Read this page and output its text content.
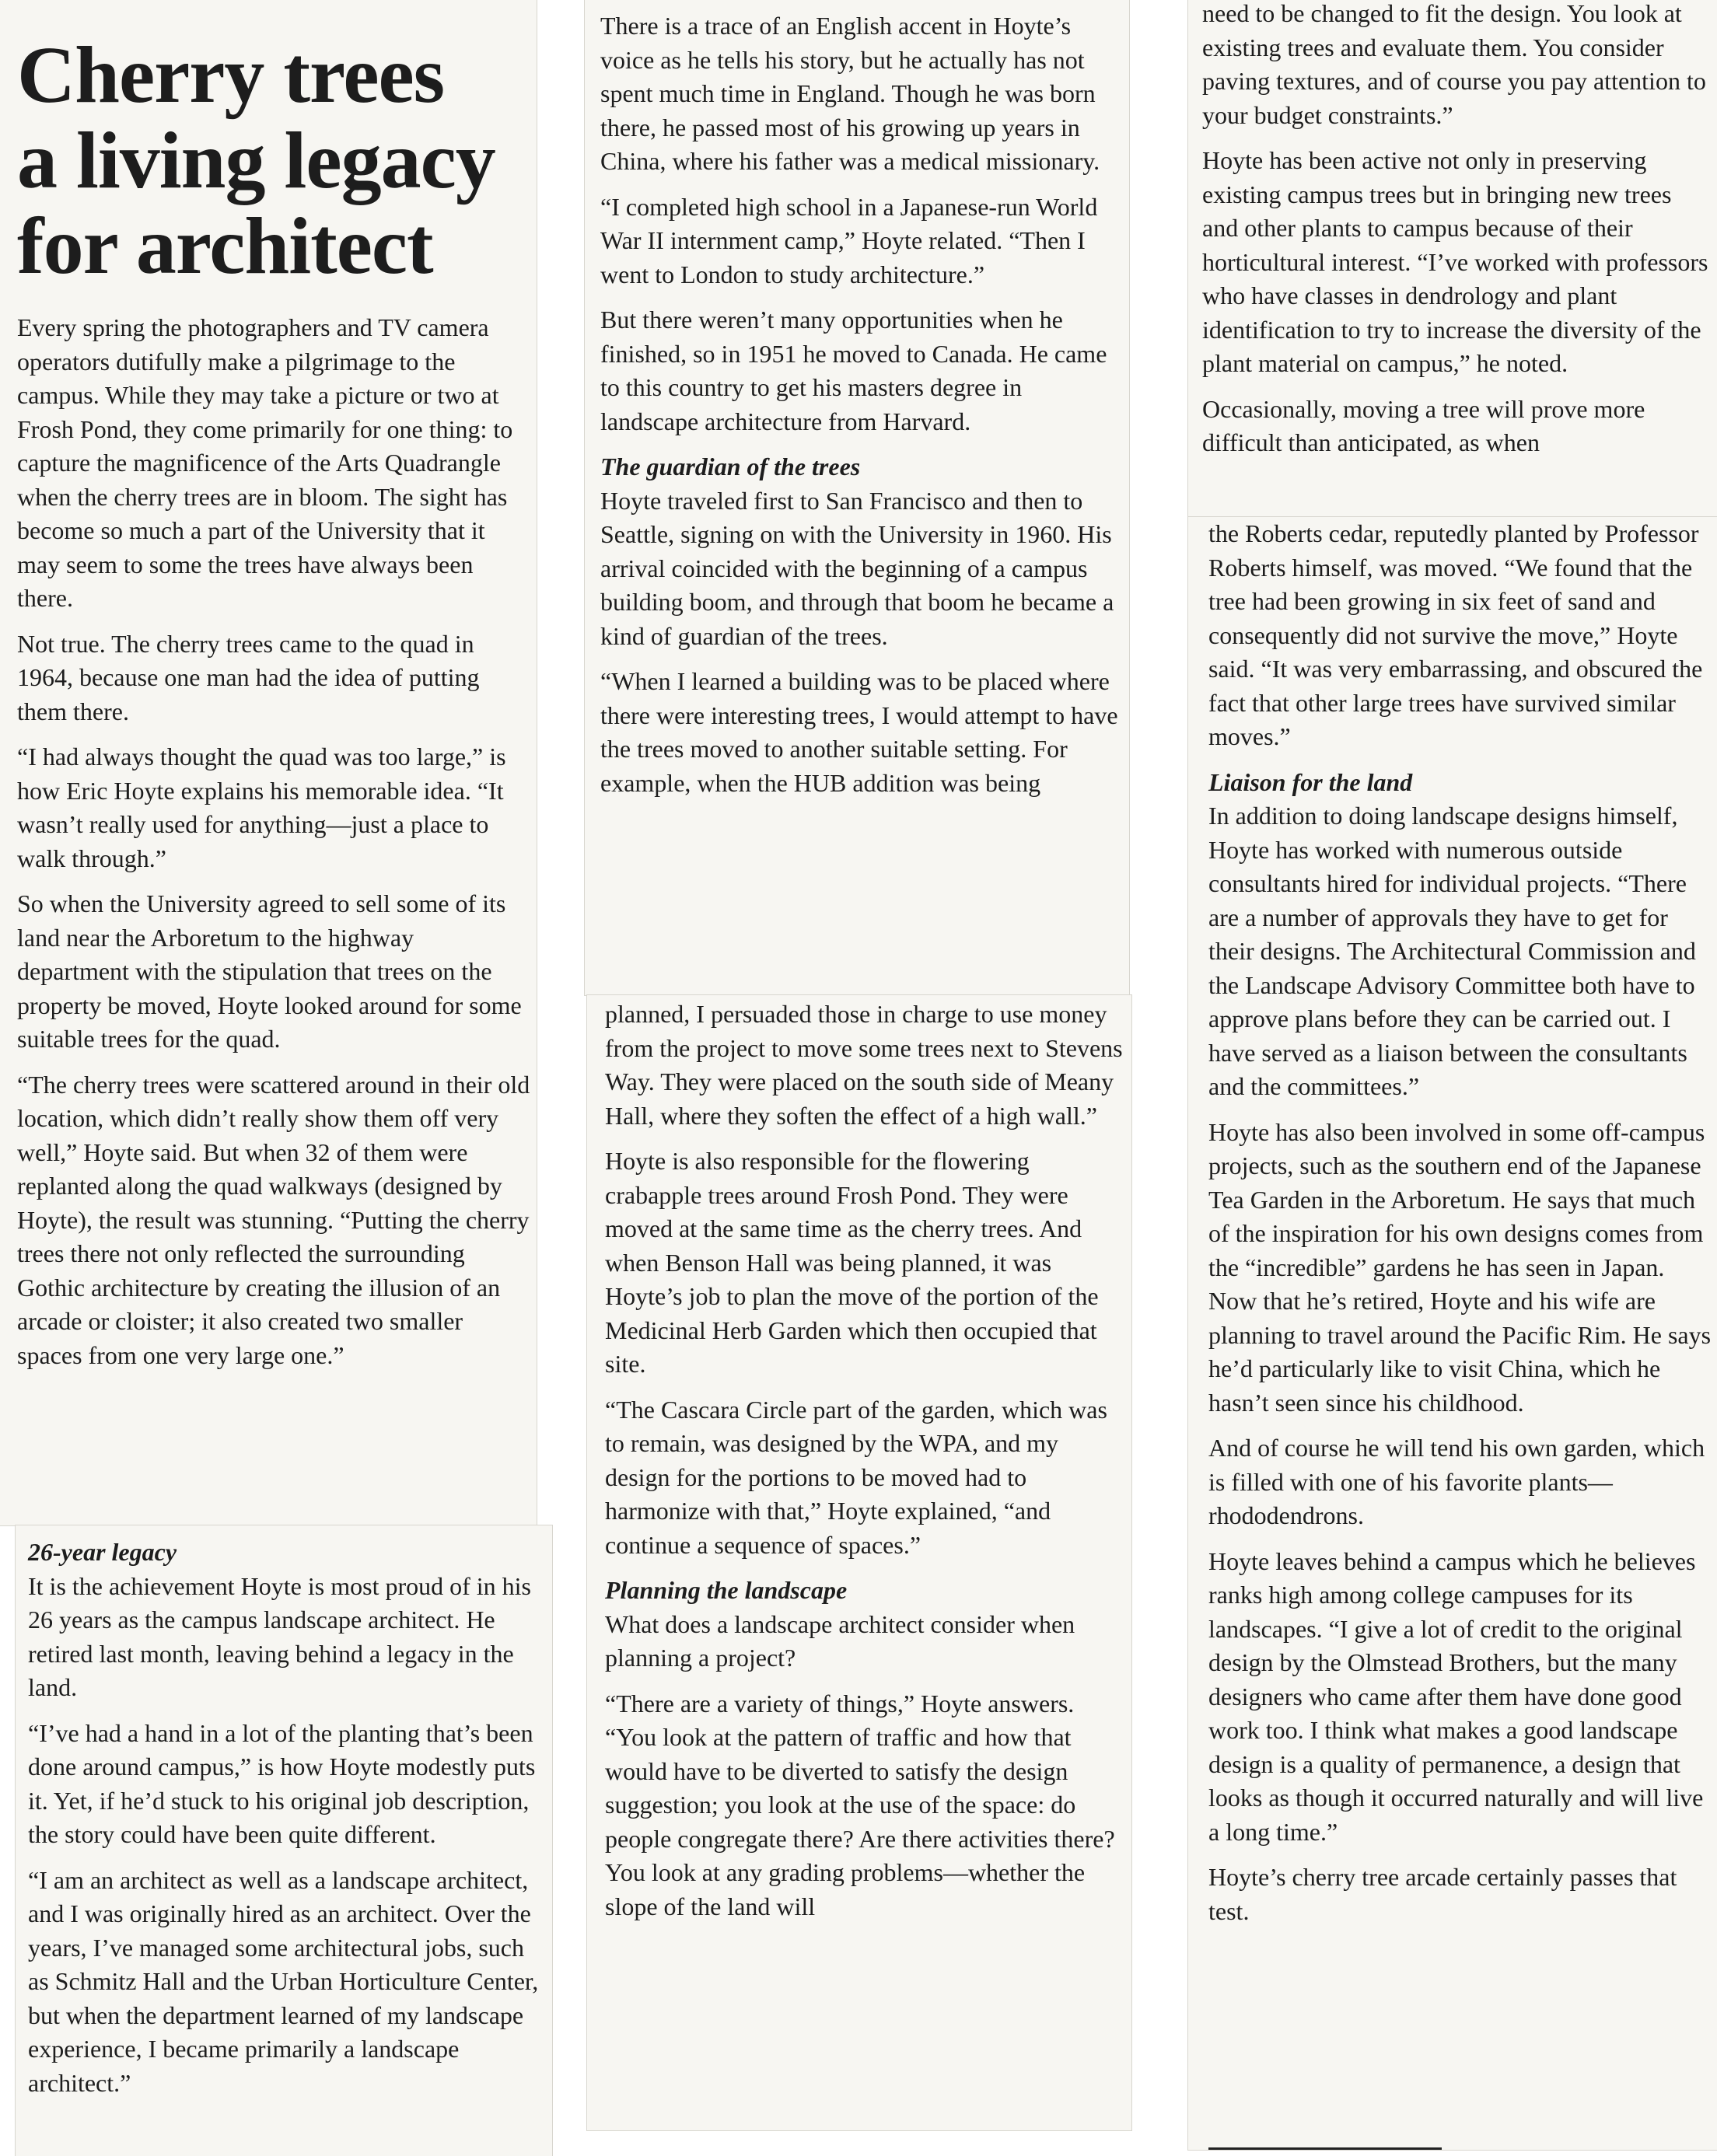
Cherry trees
a living legacy
for architect

Every spring the photographers and TV camera operators dutifully make a pilgrimage to the campus. While they may take a picture or two at Frosh Pond, they come primarily for one thing: to capture the magnificence of the Arts Quadrangle when the cherry trees are in bloom. The sight has become so much a part of the University that it may seem to some the trees have always been there.

Not true. The cherry trees came to the quad in 1964, because one man had the idea of putting them there.

“I had always thought the quad was too large,” is how Eric Hoyte explains his memorable idea. “It wasn’t really used for anything—just a place to walk through.”

So when the University agreed to sell some of its land near the Arboretum to the highway department with the stipulation that trees on the property be moved, Hoyte looked around for some suitable trees for the quad.

“The cherry trees were scattered around in their old location, which didn’t really show them off very well,” Hoyte said. But when 32 of them were replanted along the quad walkways (designed by Hoyte), the result was stunning. “Putting the cherry trees there not only reflected the surrounding Gothic architecture by creating the illusion of an arcade or cloister; it also created two smaller spaces from one very large one.”

26-year legacy

It is the achievement Hoyte is most proud of in his 26 years as the campus landscape architect. He retired last month, leaving behind a legacy in the land.

“I’ve had a hand in a lot of the planting that’s been done around campus,” is how Hoyte modestly puts it. Yet, if he’d stuck to his original job description, the story could have been quite different.

“I am an architect as well as a landscape architect, and I was originally hired as an architect. Over the years, I’ve managed some architectural jobs, such as Schmitz Hall and the Urban Horticulture Center, but when the department learned of my landscape experience, I became primarily a landscape architect.”

There is a trace of an English accent in Hoyte’s voice as he tells his story, but he actually has not spent much time in England. Though he was born there, he passed most of his growing up years in China, where his father was a medical missionary.

“I completed high school in a Japanese-run World War II internment camp,” Hoyte related. “Then I went to London to study architecture.”

But there weren’t many opportunities when he finished, so in 1951 he moved to Canada. He came to this country to get his masters degree in landscape architecture from Harvard.

The guardian of the trees

Hoyte traveled first to San Francisco and then to Seattle, signing on with the University in 1960. His arrival coincided with the beginning of a campus building boom, and through that boom he became a kind of guardian of the trees.

“When I learned a building was to be placed where there were interesting trees, I would attempt to have the trees moved to another suitable setting. For example, when the HUB addition was being

planned, I persuaded those in charge to use money from the project to move some trees next to Stevens Way. They were placed on the south side of Meany Hall, where they soften the effect of a high wall.”

Hoyte is also responsible for the flowering crabapple trees around Frosh Pond. They were moved at the same time as the cherry trees. And when Benson Hall was being planned, it was Hoyte’s job to plan the move of the portion of the Medicinal Herb Garden which then occupied that site.

“The Cascara Circle part of the garden, which was to remain, was designed by the WPA, and my design for the portions to be moved had to harmonize with that,” Hoyte explained, “and continue a sequence of spaces.”

Planning the landscape

What does a landscape architect consider when planning a project?

“There are a variety of things,” Hoyte answers. “You look at the pattern of traffic and how that would have to be diverted to satisfy the design suggestion; you look at the use of the space: do people congregate there? Are there activities there? You look at any grading problems—whether the slope of the land will

need to be changed to fit the design. You look at existing trees and evaluate them. You consider paving textures, and of course you pay attention to your budget constraints.”

Hoyte has been active not only in preserving existing campus trees but in bringing new trees and other plants to campus because of their horticultural interest. “I’ve worked with professors who have classes in dendrology and plant identification to try to increase the diversity of the plant material on campus,” he noted.

Occasionally, moving a tree will prove more difficult than anticipated, as when

the Roberts cedar, reputedly planted by Professor Roberts himself, was moved. “We found that the tree had been growing in six feet of sand and consequently did not survive the move,” Hoyte said. “It was very embarrassing, and obscured the fact that other large trees have survived similar moves.”

Liaison for the land

In addition to doing landscape designs himself, Hoyte has worked with numerous outside consultants hired for individual projects. “There are a number of approvals they have to get for their designs. The Architectural Commission and the Landscape Advisory Committee both have to approve plans before they can be carried out. I have served as a liaison between the consultants and the committees.”

Hoyte has also been involved in some off-campus projects, such as the southern end of the Japanese Tea Garden in the Arboretum. He says that much of the inspiration for his own designs comes from the “incredible” gardens he has seen in Japan. Now that he’s retired, Hoyte and his wife are planning to travel around the Pacific Rim. He says he’d particularly like to visit China, which he hasn’t seen since his childhood.

And of course he will tend his own garden, which is filled with one of his favorite plants—rhododendrons.

Hoyte leaves behind a campus which he believes ranks high among college campuses for its landscapes. “I give a lot of credit to the original design by the Olmstead Brothers, but the many designers who came after them have done good work too. I think what makes a good landscape design is a quality of permanence, a design that looks as though it occurred naturally and will live a long time.”

Hoyte’s cherry tree arcade certainly passes that test.
